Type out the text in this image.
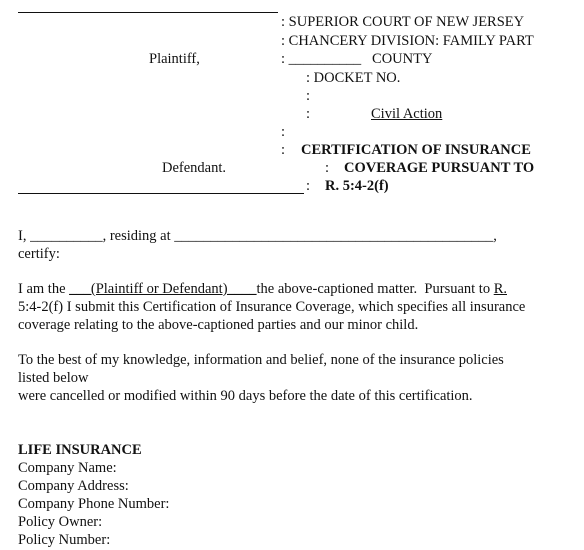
: SUPERIOR COURT OF NEW JERSEY
: CHANCERY DIVISION: FAMILY PART
: __________   COUNTY
: DOCKET NO.
:
:
:
:
:
:
Plaintiff,
Defendant.
Civil Action
CERTIFICATION OF INSURANCE
COVERAGE PURSUANT TO
R. 5:4-2(f)
I, __________, residing at ____________________________________________,
certify:
I am the ___(Plaintiff or Defendant)____the above-captioned matter.  Pursuant to R.
5:4-2(f) I submit this Certification of Insurance Coverage, which specifies all insurance
coverage relating to the above-captioned parties and our minor child.
To the best of my knowledge, information and belief, none of the insurance policies
listed below
were cancelled or modified within 90 days before the date of this certification.
LIFE INSURANCE
Company Name:
Company Address:
Company Phone Number:
Policy Owner:
Policy Number:
